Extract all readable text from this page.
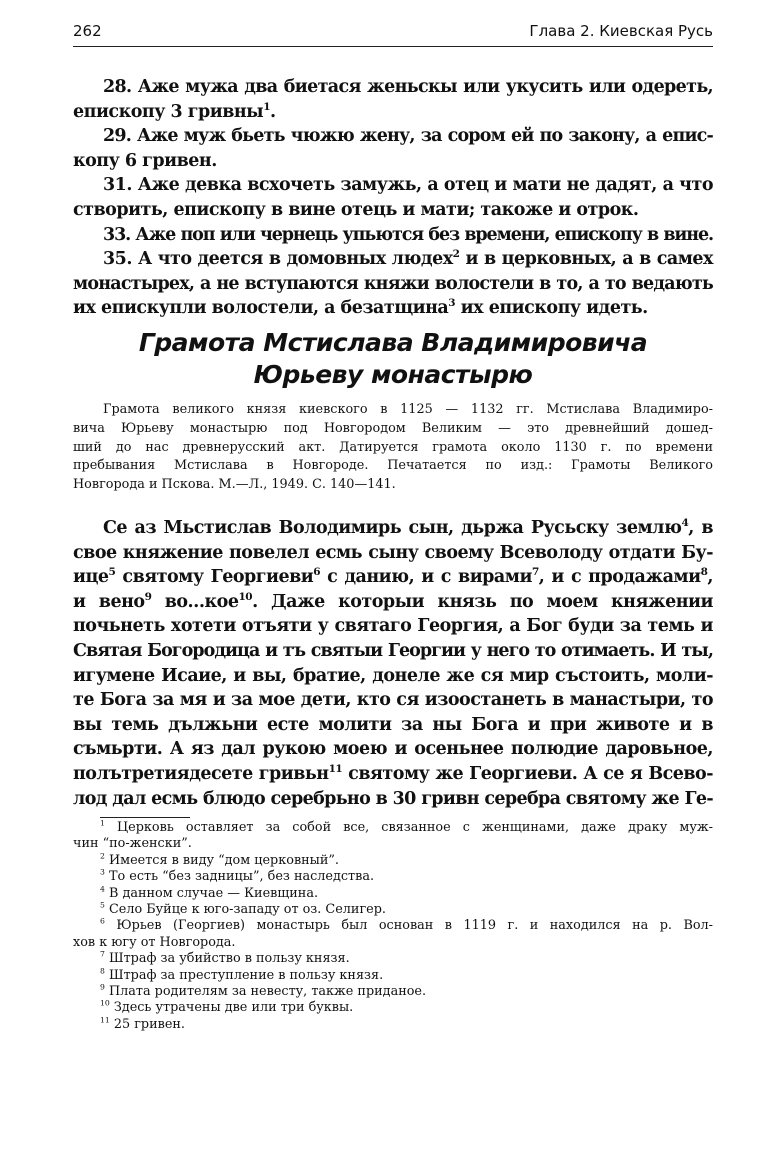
262	Глава 2. Киевская Русь
28. Аже мужа два биетася женьскы или укусить или одереть,
епископу 3 гривны$^1$.
29. Аже муж бьеть чюжю жену, за сором ей по закону, а епис-
копу 6 гривен.
31. Аже девка всхочеть замужь, а отец и мати не дадят, а что
створить, епископу в вине отець и мати; такоже и отрок.
33. Аже поп или чернець упьются без времени, епископу в вине.
35. А что деется в домовных людех$^2$ и в церковных, а в самех
монастырех, а не вступаются княжи волостели в то, а то ведають
их епискупли волостели, а безатщина$^3$ их епископу идеть.
Грамота Мстислава Владимировича
Юрьеву монастырю
Грамота великого князя киевского в 1125 — 1132 гг. Мстислава Владимиро-
вича Юрьеву монастырю под Новгородом Великим — это древнейший дошед-
ший до нас древнерусский акт. Датируется грамота около 1130 г. по времени
пребывания Мстислава в Новгороде. Печатается по изд.: Грамоты Великого
Новгорода и Пскова. М.—Л., 1949. С. 140—141.
Се аз Мьстислав Володимирь сын, дьржа Русьску землю$^4$, в
свое княжение повелел есмь сыну своему Всеволоду отдати Бу-
ице$^5$ святому Георгиеви$^6$ с данию, и с вирами$^7$, и с продажами$^8$,
и вено$^9$ во…кое$^{10}$. Даже которыи князь по моем княжении
почьнеть хотети отъяти у святаго Георгия, а Бог буди за темь и
Святая Богородица и тъ святыи Георгии у него то отимаеть. И ты,
игумене Исаие, и вы, братие, донеле же ся мир състоить, моли-
те Бога за мя и за мое дети, кто ся изоостанеть в манастыри, то
вы темь дължьни есте молити за ны Бога и при животе и в
съмьрти. А яз дал рукою моею и осеньнее полюдие даровьное,
полътретиядесете гривьн$^{11}$ святому же Георгиеви. А се я Всево-
лод дал есмь блюдо серебрьно в 30 гривн серебра святому же Ге-
$^1$ Церковь оставляет за собой все, связанное с женщинами, даже драку муж-
чин “по-женски”.
$^2$ Имеется в виду “дом церковный”.
$^3$ То есть “без задницы”, без наследства.
$^4$ В данном случае — Киевщина.
$^5$ Село Буйце к юго-западу от оз. Селигер.
$^6$ Юрьев (Георгиев) монастырь был основан в 1119 г. и находился на р. Вол-
хов к югу от Новгорода.
$^7$ Штраф за убийство в пользу князя.
$^8$ Штраф за преступление в пользу князя.
$^9$ Плата родителям за невесту, также приданое.
$^{10}$ Здесь утрачены две или три буквы.
$^{11}$ 25 гривен.
